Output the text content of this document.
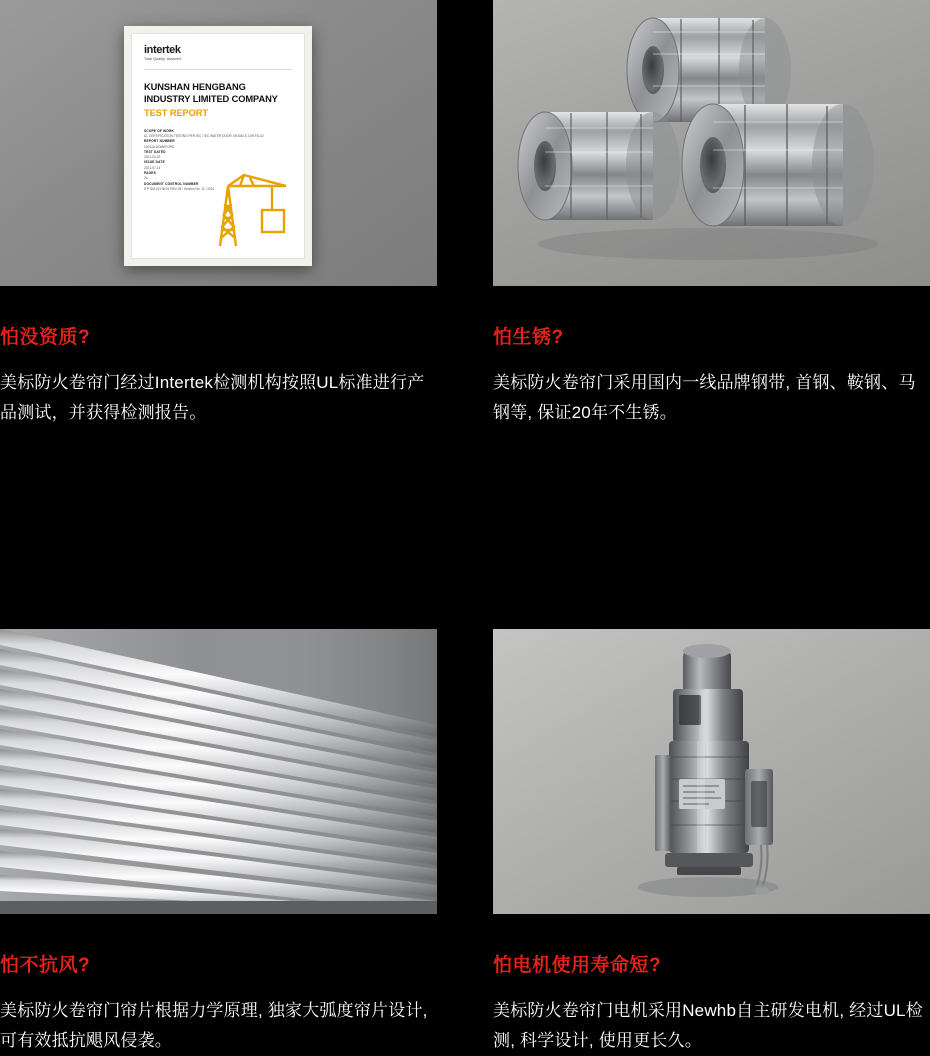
intertek
Total Quality. Assured.
KUNSHAN HENGBANG INDUSTRY LIMITED COMPANY
TEST REPORT
SCOPE OF WORK
UL CERTIFICATION TESTING PER IEC / IEC WATER DOOR, MODELS C/W FD-02
REPORT NUMBER
102418-DOMEFORD
TEST DATED
2021-04-22
ISSUE DATE
2021-07-14
PAGES
24
DOCUMENT CONTROL NUMBER
ITP GM-02 HB-01 REV 05 / Section No. 11 / 2021
怕没资质?
美标防火卷帘门经过Intertek检测机构按照UL标准进行产品测试，并获得检测报告。
怕生锈?
美标防火卷帘门采用国内一线品牌钢带, 首钢、鞍钢、马钢等, 保证20年不生锈。
怕不抗风?
美标防火卷帘门帘片根据力学原理, 独家大弧度帘片设计, 可有效抵抗飓风侵袭。
怕电机使用寿命短?
美标防火卷帘门电机采用Newhb自主研发电机, 经过UL检测, 科学设计, 使用更长久。
